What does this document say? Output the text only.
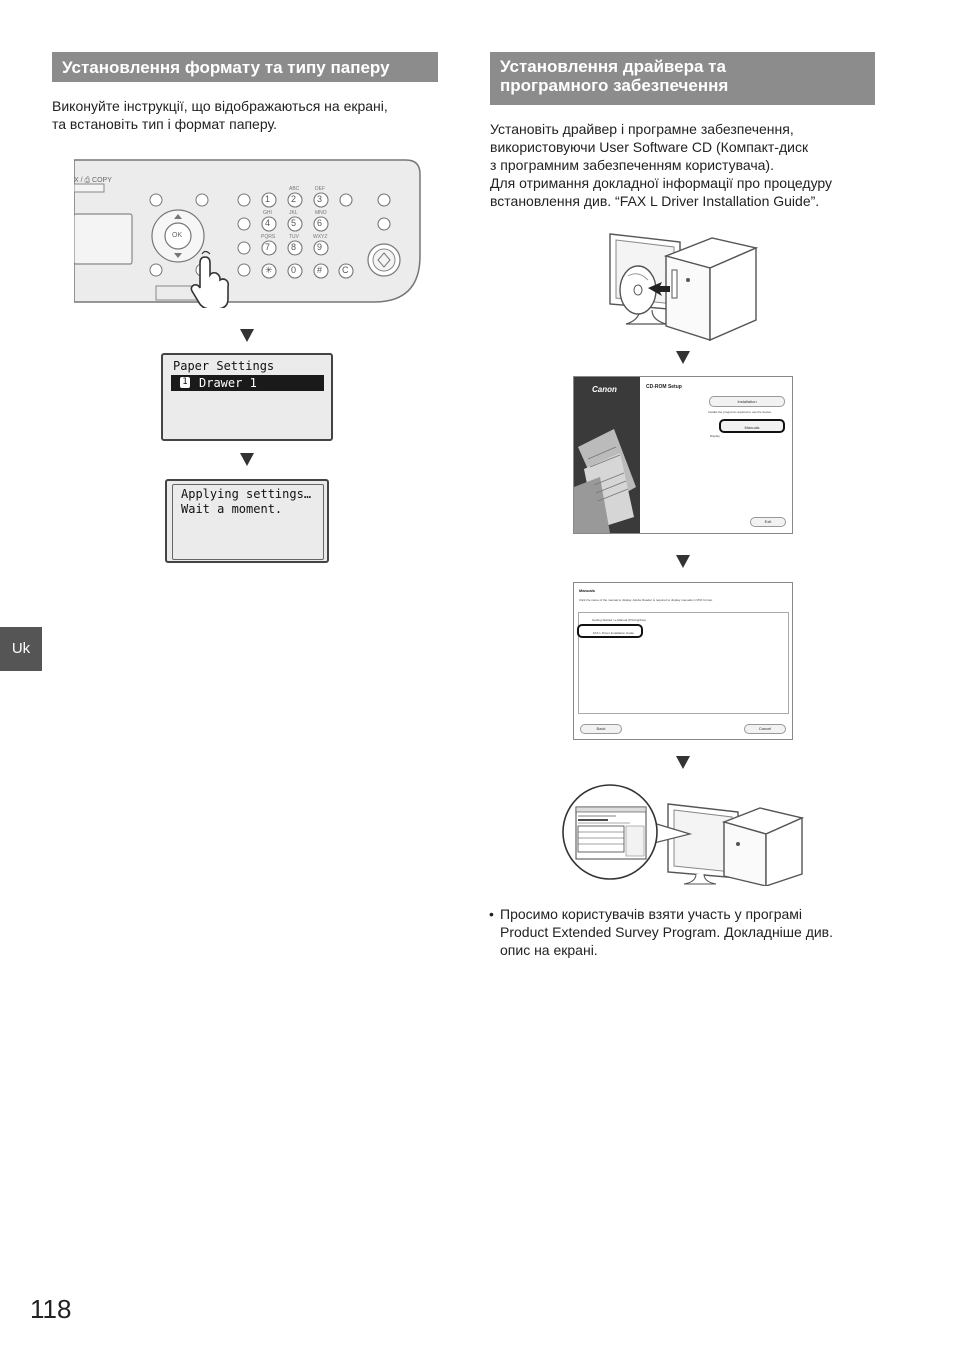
Установлення формату та типу паперу
Виконуйте інструкції, що відображаються на екрані,
та встановіть тип і формат паперу.
X / ⎙ COPY
OK
1 2 3
4 5 6
7 8 9
✳ 0 # C
ABC	DEF
GHI	JKL	MNO
PQRS	TUV	WXYZ
Paper Settings
1 Drawer 1
Applying settings…
Wait a moment.
Uk
Установлення драйвера та
програмного забезпечення
Установіть драйвер і програмне забезпечення,
використовуючи User Software CD (Компакт-диск
з програмним забезпеченням користувача).
Для отримання докладної інформації про процедуру
встановлення див. “FAX L Driver Installation Guide”.
Canon	CD-ROM Setup
Installation
Installs the programs required to use the device.
Manuals
Display
Exit
Manuals
Click the name of the manual to display. Adobe Reader is required to display manuals in PDF format.
Getting Started / e-Manual (Printing/Fax)
FAX L Driver Installation Guide
Back	Cancel
• Просимо користувачів взяти участь у програмі
Product Extended Survey Program. Докладніше див.
опис на екрані.
118
